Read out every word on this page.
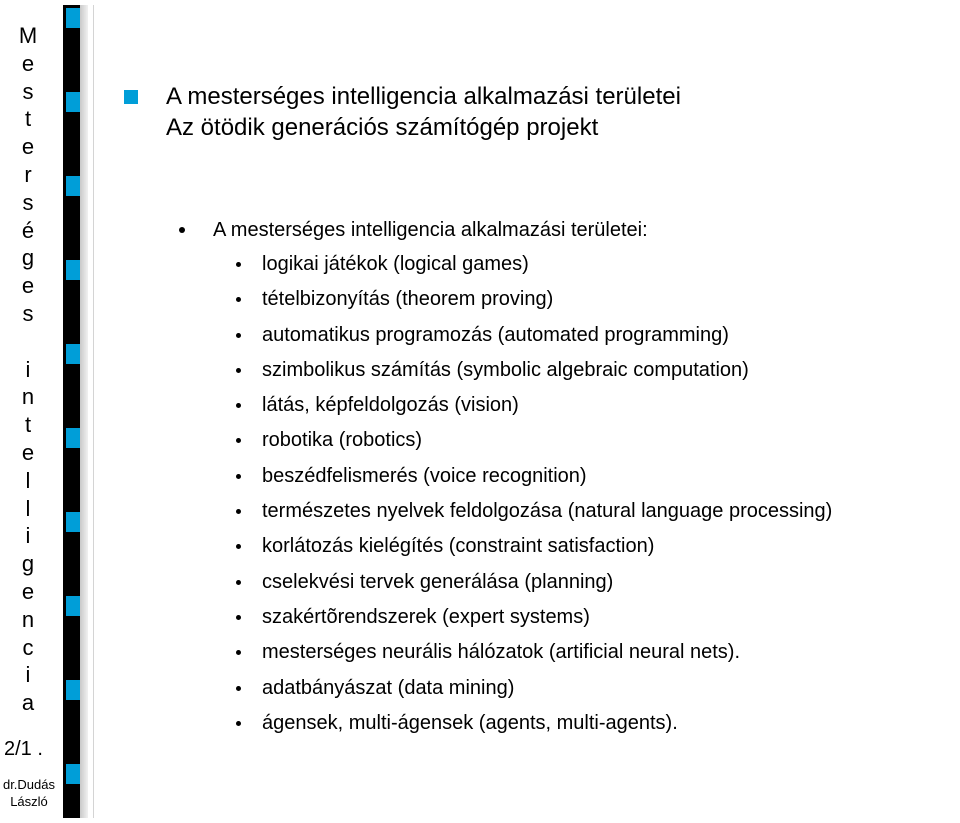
M
e
s
t
e
r
s
é
g
e
s
i
n
t
e
l
l
i
g
e
n
c
i
a
2/1 .
dr.Dudás
László
A mesterséges intelligencia alkalmazási területei
Az ötödik generációs számítógép projekt
A mesterséges intelligencia alkalmazási területei:
logikai játékok (logical games)
tételbizonyítás (theorem proving)
automatikus programozás (automated programming)
szimbolikus számítás (symbolic algebraic computation)
látás, képfeldolgozás (vision)
robotika (robotics)
beszédfelismerés (voice recognition)
természetes nyelvek feldolgozása (natural language processing)
korlátozás kielégítés (constraint satisfaction)
cselekvési tervek generálása (planning)
szakértõrendszerek (expert systems)
mesterséges neurális hálózatok (artificial neural nets).
adatbányászat (data mining)
ágensek, multi-ágensek (agents, multi-agents).
